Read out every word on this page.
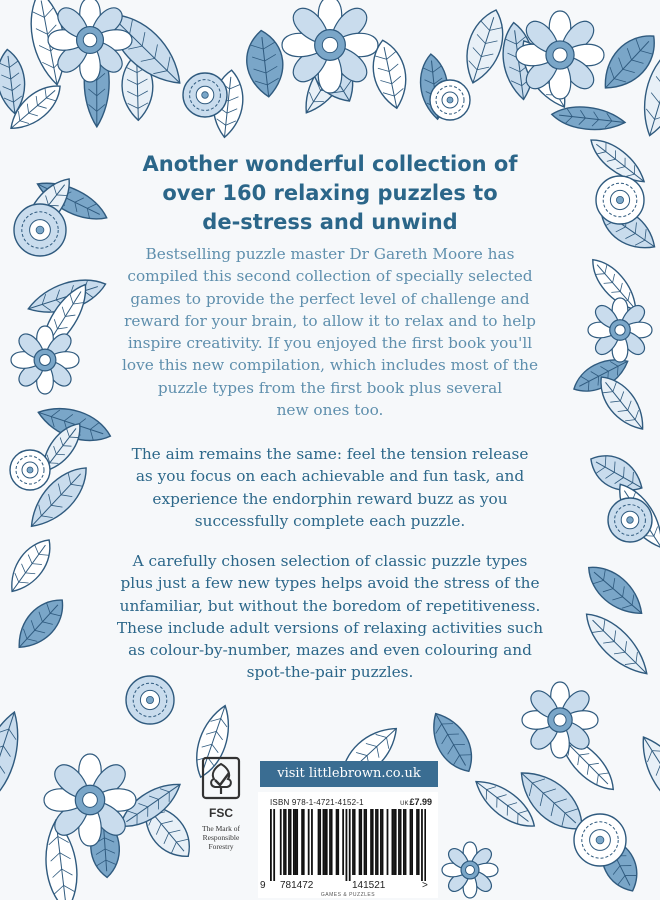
Another wonderful collection of
over 160 relaxing puzzles to
de-stress and unwind
Bestselling puzzle master Dr Gareth Moore has
compiled this second collection of specially selected
games to provide the perfect level of challenge and
reward for your brain, to allow it to relax and to help
inspire creativity. If you enjoyed the first book you'll
love this new compilation, which includes most of the
puzzle types from the first book plus several
new ones too.
The aim remains the same: feel the tension release
as you focus on each achievable and fun task, and
experience the endorphin reward buzz as you
successfully complete each puzzle.
A carefully chosen selection of classic puzzle types
plus just a few new types helps avoid the stress of the
unfamiliar, but without the boredom of repetitiveness.
These include adult versions of relaxing activities such
as colour-by-number, mazes and even colouring and
spot-the-pair puzzles.
visit littlebrown.co.uk
FSC
The Mark of
Responsible
Forestry
ISBN 978-1-4721-4152-1	UK£7.99
9 781472	141521	>
GAMES & PUZZLES
